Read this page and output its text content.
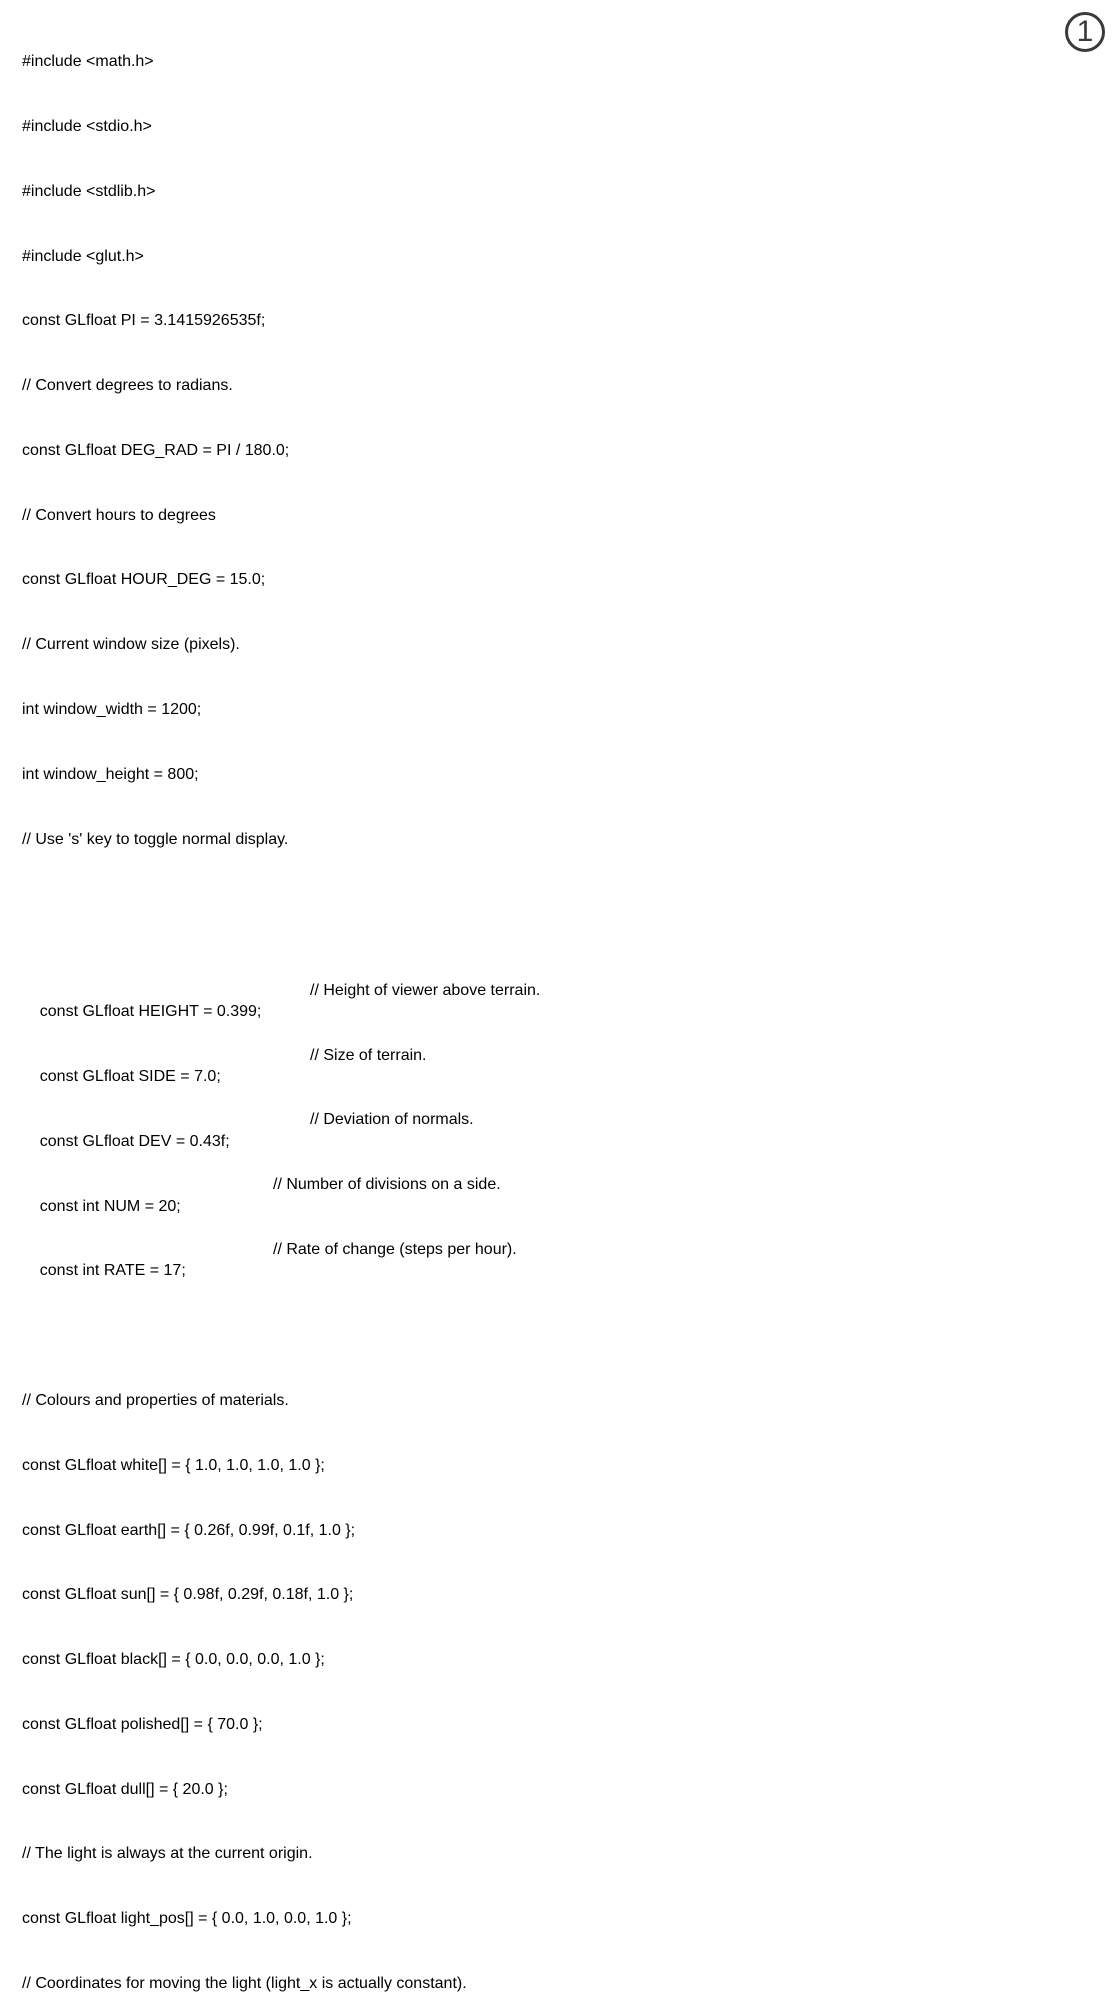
#include <math.h>

#include <stdio.h>

#include <stdlib.h>

#include <glut.h>

const GLfloat PI = 3.1415926535f;

// Convert degrees to radians.

const GLfloat DEG_RAD = PI / 180.0;

// Convert hours to degrees

const GLfloat HOUR_DEG = 15.0;

// Current window size (pixels).

int window_width = 1200;

int window_height = 800;

// Use 's' key to toggle normal display.

const GLfloat HEIGHT = 0.399;

// Height of viewer above terrain.

const GLfloat SIDE = 7.0;

// Size of terrain.

const GLfloat DEV = 0.43f;

// Deviation of normals.

const int NUM = 20;

// Number of divisions on a side.

const int RATE = 17;

// Rate of change (steps per hour).

// Colours and properties of materials.

const GLfloat white[] = { 1.0, 1.0, 1.0, 1.0 };

const GLfloat earth[] = { 0.26f, 0.99f, 0.1f, 1.0 };

const GLfloat sun[] = { 0.98f, 0.29f, 0.18f, 1.0 };

const GLfloat black[] = { 0.0, 0.0, 0.0, 1.0 };

const GLfloat polished[] = { 70.0 };

const GLfloat dull[] = { 20.0 };

// The light is always at the current origin.

const GLfloat light_pos[] = { 0.0, 1.0, 0.0, 1.0 };

// Coordinates for moving the light (light_x is actually constant).

1
